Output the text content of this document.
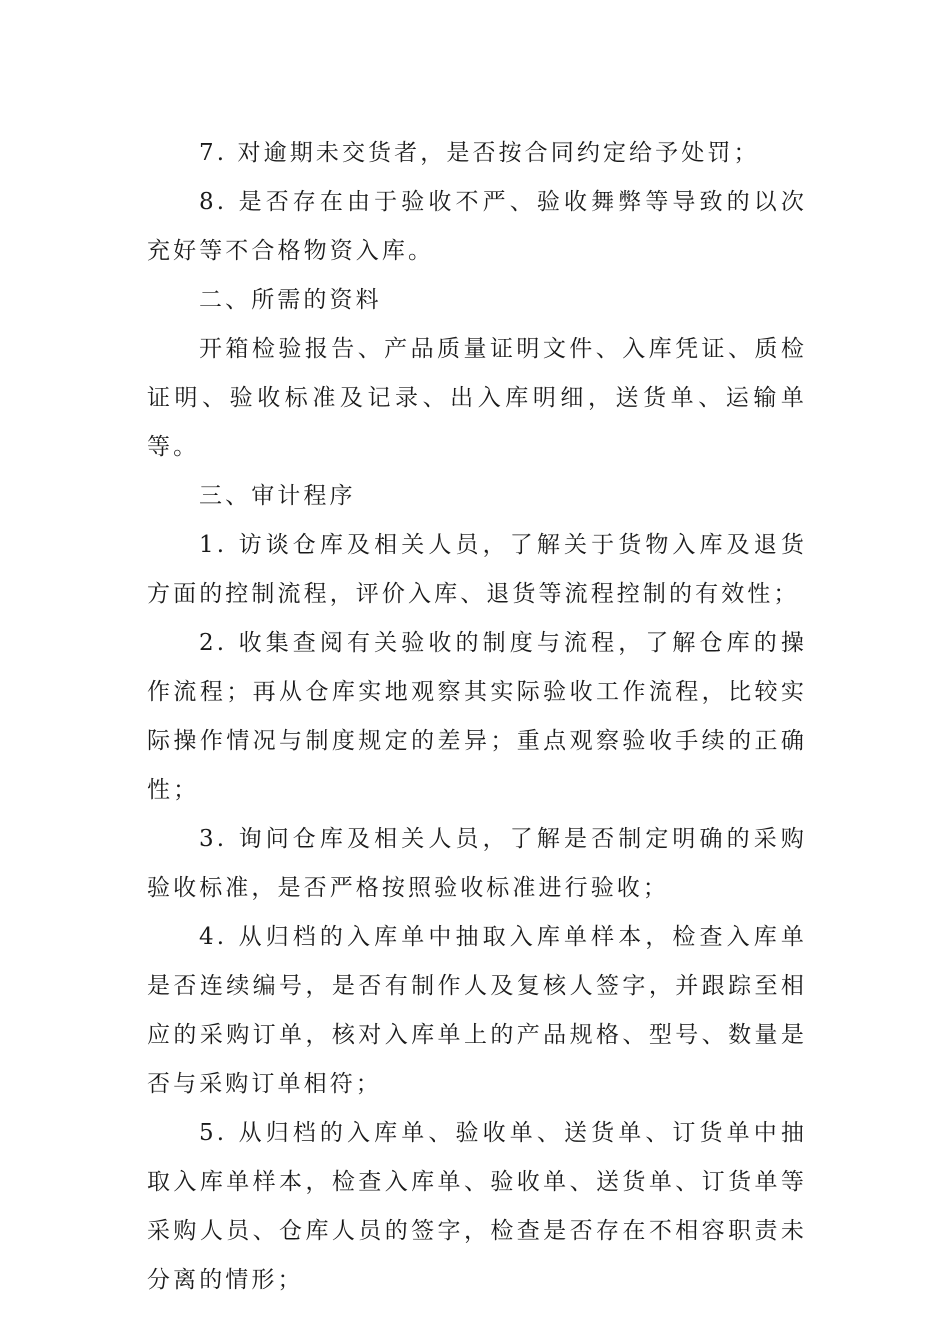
7. 对逾期未交货者，是否按合同约定给予处罚；

8. 是否存在由于验收不严、验收舞弊等导致的以次充好等不合格物资入库。

二、所需的资料

开箱检验报告、产品质量证明文件、入库凭证、质检证明、验收标准及记录、出入库明细，送货单、运输单等。

三、审计程序

1. 访谈仓库及相关人员，了解关于货物入库及退货方面的控制流程，评价入库、退货等流程控制的有效性；

2. 收集查阅有关验收的制度与流程，了解仓库的操作流程；再从仓库实地观察其实际验收工作流程，比较实际操作情况与制度规定的差异；重点观察验收手续的正确性；

3. 询问仓库及相关人员，了解是否制定明确的采购验收标准，是否严格按照验收标准进行验收；

4. 从归档的入库单中抽取入库单样本，检查入库单是否连续编号，是否有制作人及复核人签字，并跟踪至相应的采购订单，核对入库单上的产品规格、型号、数量是否与采购订单相符；

5. 从归档的入库单、验收单、送货单、订货单中抽取入库单样本，检查入库单、验收单、送货单、订货单等采购人员、仓库人员的签字，检查是否存在不相容职责未分离的情形；
